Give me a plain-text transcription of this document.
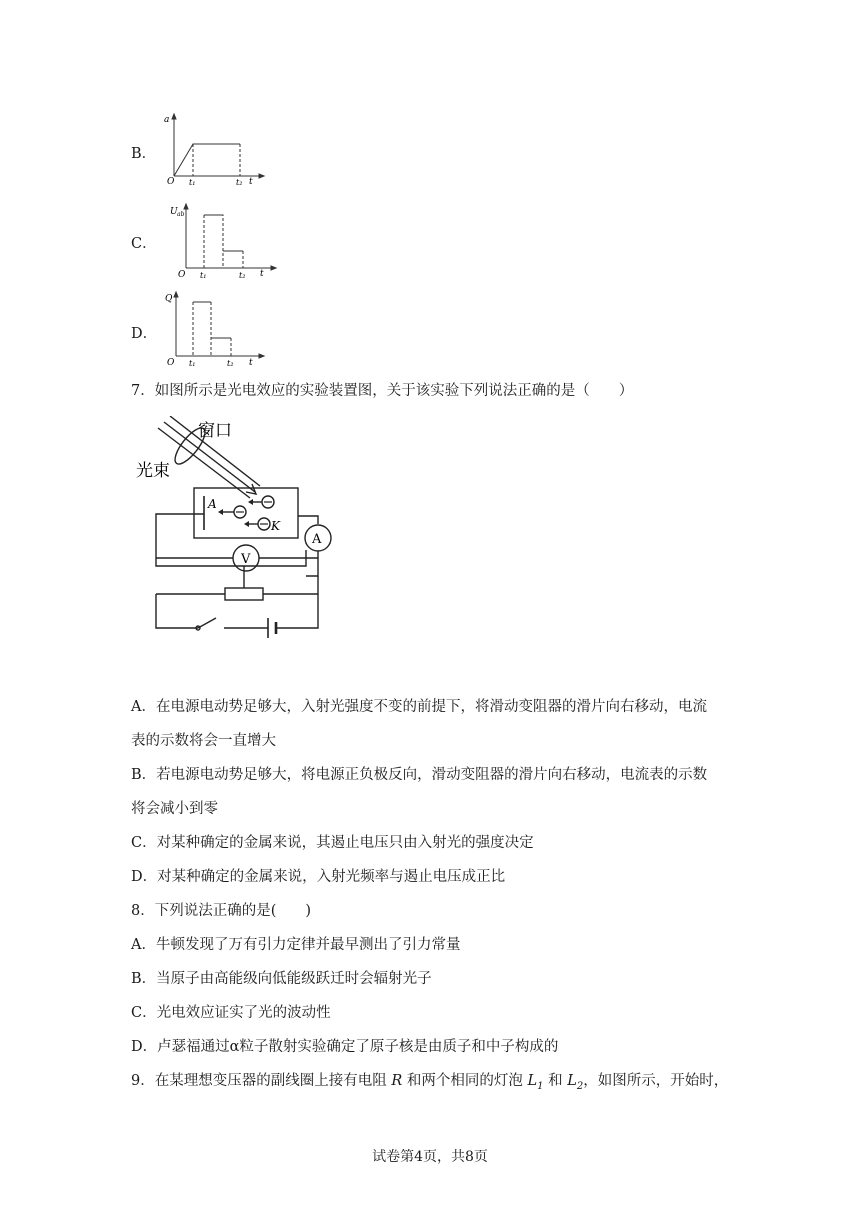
B．
a
O t₁	t₂ t
C．
U ab
O t₁	t₂ t
D．
Q
O t₁	t₂ t
7．如图所示是光电效应的实验装置图，关于该实验下列说法正确的是（　　）
窗口
光束
A
K
A
V
A．在电源电动势足够大，入射光强度不变的前提下，将滑动变阻器的滑片向右移动，电流
表的示数将会一直增大
B．若电源电动势足够大，将电源正负极反向，滑动变阻器的滑片向右移动，电流表的示数
将会减小到零
C．对某种确定的金属来说，其遏止电压只由入射光的强度决定
D．对某种确定的金属来说，入射光频率与遏止电压成正比
8．下列说法正确的是(　　)
A．牛顿发现了万有引力定律并最早测出了引力常量
B．当原子由高能级向低能级跃迁时会辐射光子
C．光电效应证实了光的波动性
D．卢瑟福通过α粒子散射实验确定了原子核是由质子和中子构成的
9．在某理想变压器的副线圈上接有电阻 R 和两个相同的灯泡 $L_1$ 和 $L_2$，如图所示，开始时，
试卷第4页，共8页
